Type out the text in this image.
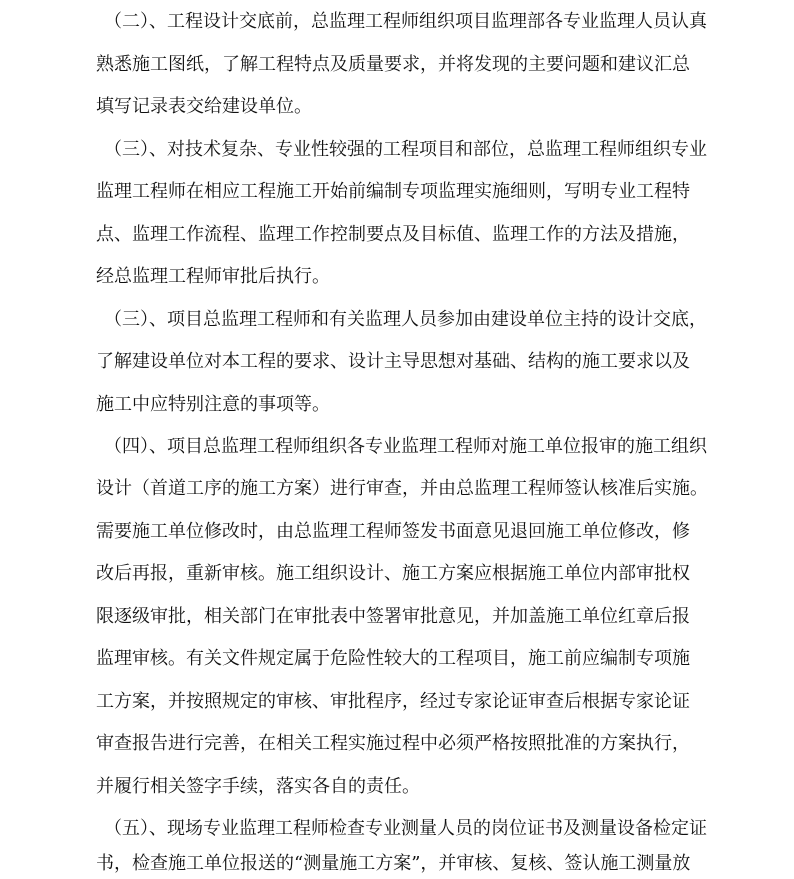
（二）、工程设计交底前，总监理工程师组织项目监理部各专业监理人员认真
熟悉施工图纸，了解工程特点及质量要求，并将发现的主要问题和建议汇总
填写记录表交给建设单位。
（三）、对技术复杂、专业性较强的工程项目和部位，总监理工程师组织专业
监理工程师在相应工程施工开始前编制专项监理实施细则，写明专业工程特
点、监理工作流程、监理工作控制要点及目标值、监理工作的方法及措施，
经总监理工程师审批后执行。
（三）、项目总监理工程师和有关监理人员参加由建设单位主持的设计交底，
了解建设单位对本工程的要求、设计主导思想对基础、结构的施工要求以及
施工中应特别注意的事项等。
（四）、项目总监理工程师组织各专业监理工程师对施工单位报审的施工组织
设计（首道工序的施工方案）进行审查，并由总监理工程师签认核准后实施。
需要施工单位修改时，由总监理工程师签发书面意见退回施工单位修改，修
改后再报，重新审核。施工组织设计、施工方案应根据施工单位内部审批权
限逐级审批，相关部门在审批表中签署审批意见，并加盖施工单位红章后报
监理审核。有关文件规定属于危险性较大的工程项目，施工前应编制专项施
工方案，并按照规定的审核、审批程序，经过专家论证审查后根据专家论证
审查报告进行完善，在相关工程实施过程中必须严格按照批准的方案执行，
并履行相关签字手续，落实各自的责任。
（五）、现场专业监理工程师检查专业测量人员的岗位证书及测量设备检定证
书，检查施工单位报送的“测量施工方案”，并审核、复核、签认施工测量放
